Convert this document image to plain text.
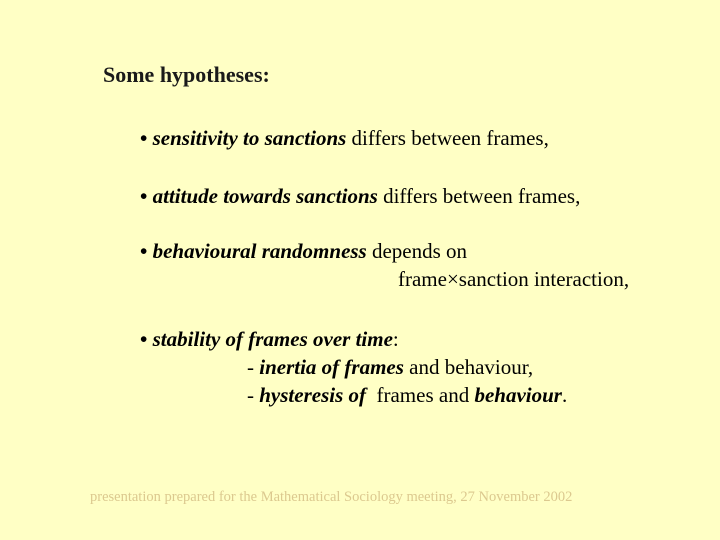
Some hypotheses:
• sensitivity to sanctions differs between frames,
• attitude towards sanctions differs between frames,
• behavioural randomness depends on
frame×sanction interaction,
• stability of frames over time:
- inertia of frames and behaviour,
- hysteresis of  frames and behaviour.
presentation prepared for the Mathematical Sociology meeting, 27 November 2002
